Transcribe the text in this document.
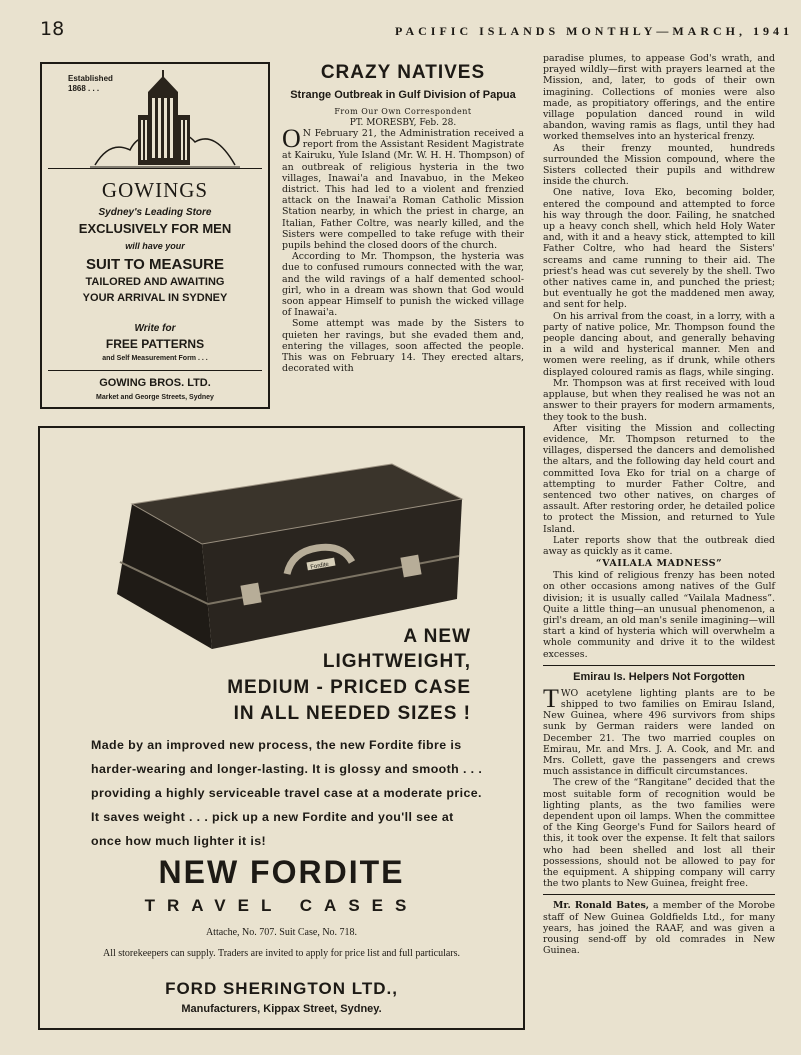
18	PACIFIC ISLANDS MONTHLY—MARCH, 1941
Established
1868 . . .
GOWINGS
Sydney's Leading Store
EXCLUSIVELY FOR MEN
will have your
SUIT TO MEASURE
TAILORED AND AWAITING
YOUR ARRIVAL IN SYDNEY
Write for
FREE PATTERNS
and Self Measurement Form . . .
GOWING BROS. LTD.
Market and George Streets, Sydney
CRAZY NATIVES
Strange Outbreak in Gulf Division of Papua
From Our Own Correspondent
PT. MORESBY, Feb. 28.

O N February 21, the Administration received a report from the Assistant Resident Magistrate at Kairuku, Yule Island (Mr. W. H. H. Thompson) of an outbreak of religious hysteria in the two villages, Inawai'a and Inavabuo, in the Mekeo district. This had led to a violent and frenzied attack on the Inawai'a Roman Catholic Mission Station nearby, in which the priest in charge, an Italian, Father Coltre, was nearly killed, and the Sisters were compelled to take refuge with their pupils behind the closed doors of the church.

According to Mr. Thompson, the hysteria was due to confused rumours connected with the war, and the wild ravings of a half demented school-girl, who in a dream was shown that God would soon appear Himself to punish the wicked village of Inawai'a.

Some attempt was made by the Sisters to quieten her ravings, but she evaded them and, entering the villages, soon affected the people. This was on February 14. They erected altars, decorated with

paradise plumes, to appease God's wrath, and prayed wildly—first with prayers learned at the Mission, and, later, to gods of their own imagining. Collections of monies were also made, as propitiatory offerings, and the entire village population danced round in wild abandon, waving ramis as flags, until they had worked themselves into an hysterical frenzy.

As their frenzy mounted, hundreds surrounded the Mission compound, where the Sisters collected their pupils and withdrew inside the church.

One native, Iova Eko, becoming bolder, entered the compound and attempted to force his way through the door. Failing, he snatched up a heavy conch shell, which held Holy Water and, with it and a heavy stick, attempted to kill Father Coltre, who had heard the Sisters' screams and came running to their aid. The priest's head was cut severely by the shell. Two other natives came in, and punched the priest; but eventually he got the maddened men away, and sent for help.

On his arrival from the coast, in a lorry, with a party of native police, Mr. Thompson found the people dancing about, and generally behaving in a wild and hysterical manner. Men and women were reeling, as if drunk, while others displayed coloured ramis as flags, while singing.

Mr. Thompson was at first received with loud applause, but when they realised he was not an answer to their prayers for modern armaments, they took to the bush.

After visiting the Mission and collecting evidence, Mr. Thompson returned to the villages, dispersed the dancers and demolished the altars, and the following day held court and committed Iova Eko for trial on a charge of attempting to murder Father Coltre, and sentenced two other natives, on charges of assault. After restoring order, he detailed police to protect the Mission, and returned to Yule Island.

Later reports show that the outbreak died away as quickly as it came.

“VAILALA MADNESS”

This kind of religious frenzy has been noted on other occasions among natives of the Gulf division; it is usually called “Vailala Madness”. Quite a little thing—an unusual phenomenon, a girl's dream, an old man's senile imagining—will start a kind of hysteria which will overwhelm a whole community and drive it to the wildest excesses.

Emirau Is. Helpers Not Forgotten

TWO acetylene lighting plants are to be shipped to two families on Emirau Island, New Guinea, where 496 survivors from ships sunk by German raiders were landed on December 21. The two married couples on Emirau, Mr. and Mrs. J. A. Cook, and Mr. and Mrs. Collett, gave the passengers and crews much assistance in difficult circumstances.

The crew of the “Rangitane” decided that the most suitable form of recognition would be lighting plants, as the two families were dependent upon oil lamps. When the committee of the King George's Fund for Sailors heard of this, it took over the expense. It felt that sailors who had been shelled and lost all their possessions, should not be allowed to pay for the equipment. A shipping company will carry the two plants to New Guinea, freight free.

Mr. Ronald Bates, a member of the Morobe staff of New Guinea Goldfields Ltd., for many years, has joined the RAAF, and was given a rousing send-off by old comrades in New Guinea.

Fordite
A NEW
LIGHTWEIGHT,
MEDIUM - PRICED CASE
IN ALL NEEDED SIZES !
Made by an improved new process, the new Fordite fibre is harder-wearing and longer-lasting. It is glossy and smooth . . . providing a highly serviceable travel case at a moderate price. It saves weight . . . pick up a new Fordite and you'll see at once how much lighter it is!
NEW FORDITE
TRAVEL CASES
Attache, No. 707. Suit Case, No. 718.
All storekeepers can supply. Traders are invited to apply for price list and full particulars.
FORD SHERINGTON LTD.,
Manufacturers, Kippax Street, Sydney.
